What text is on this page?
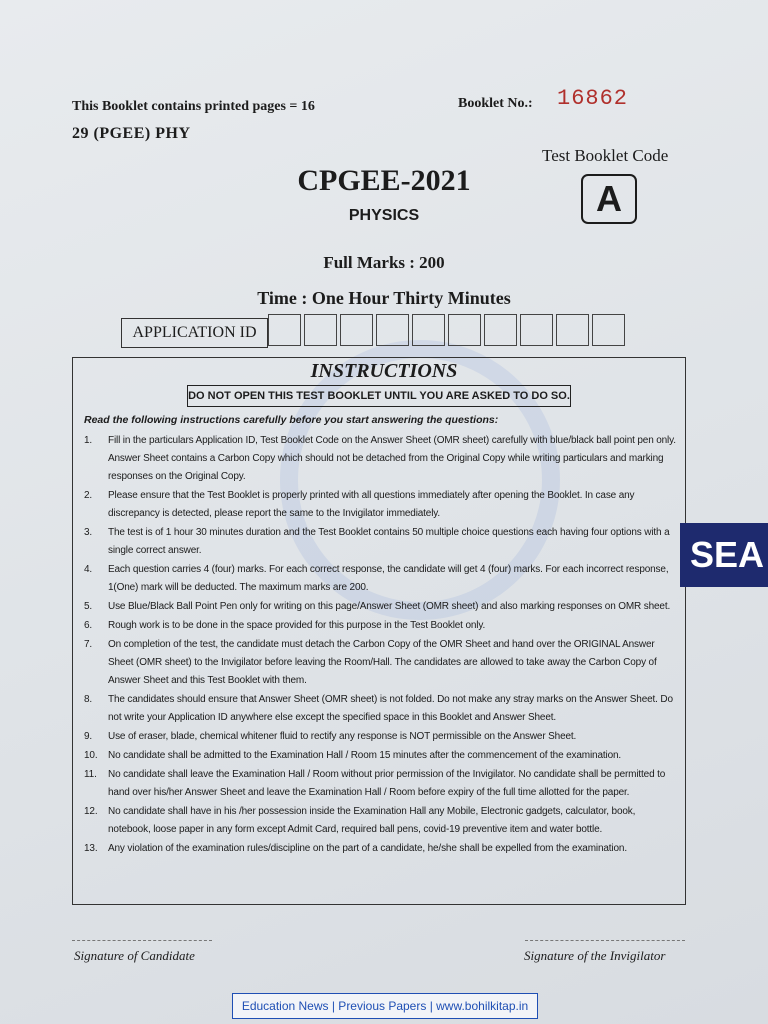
This Booklet contains printed pages = 16
29 (PGEE) PHY
Booklet No.: 16862
Test Booklet Code
A
CPGEE-2021
PHYSICS
Full Marks : 200
Time : One Hour Thirty Minutes
APPLICATION ID
INSTRUCTIONS
DO NOT OPEN THIS TEST BOOKLET UNTIL YOU ARE ASKED TO DO SO.
Read the following instructions carefully before you start answering the questions:
1.	Fill in the particulars Application ID, Test Booklet Code on the Answer Sheet (OMR sheet) carefully with blue/black ball point pen only. Answer Sheet contains a Carbon Copy which should not be detached from the Original Copy while writing particulars and marking responses on the Original Copy.
2.	Please ensure that the Test Booklet is properly printed with all questions immediately after opening the Booklet. In case any discrepancy is detected, please report the same to the Invigilator immediately.
3.	The test is of 1 hour 30 minutes duration and the Test Booklet contains 50 multiple choice questions each having four options with a single correct answer.
4.	Each question carries 4 (four) marks. For each correct response, the candidate will get 4 (four) marks. For each incorrect response, 1(One) mark will be deducted. The maximum marks are 200.
5.	Use Blue/Black Ball Point Pen only for writing on this page/Answer Sheet (OMR sheet) and also marking responses on OMR sheet.
6.	Rough work is to be done in the space provided for this purpose in the Test Booklet only.
7.	On completion of the test, the candidate must detach the Carbon Copy of the OMR Sheet and hand over the ORIGINAL Answer Sheet (OMR sheet) to the Invigilator before leaving the Room/Hall. The candidates are allowed to take away the Carbon Copy of Answer Sheet and this Test Booklet with them.
8.	The candidates should ensure that Answer Sheet (OMR sheet) is not folded. Do not make any stray marks on the Answer Sheet. Do not write your Application ID anywhere else except the specified space in this Booklet and Answer Sheet.
9.	Use of eraser, blade, chemical whitener fluid to rectify any response is NOT permissible on the Answer Sheet.
10.	No candidate shall be admitted to the Examination Hall / Room 15 minutes after the commencement of the examination.
11.	No candidate shall leave the Examination Hall / Room without prior permission of the Invigilator. No candidate shall be permitted to hand over his/her Answer Sheet and leave the Examination Hall / Room before expiry of the full time allotted for the paper.
12.	No candidate shall have in his /her possession inside the Examination Hall any Mobile, Electronic gadgets, calculator, book, notebook, loose paper in any form except Admit Card, required ball pens, covid-19 preventive item and water bottle.
13.	Any violation of the examination rules/discipline on the part of a candidate, he/she shall be expelled from the examination.
SEA
Signature of Candidate	Signature of the Invigilator
Education News | Previous Papers | www.bohilkitap.in
